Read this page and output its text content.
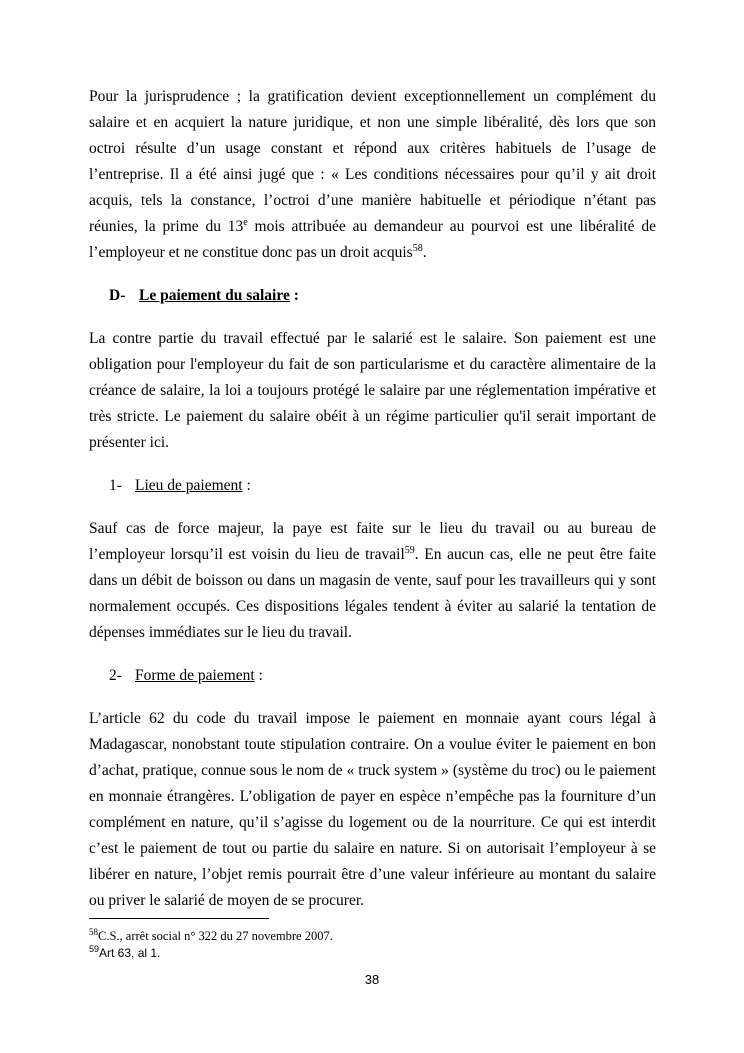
Pour la jurisprudence ; la gratification devient exceptionnellement un complément du salaire et en acquiert la nature juridique, et non une simple libéralité, dès lors que son octroi résulte d’un usage constant et répond aux critères habituels de l’usage de l’entreprise. Il a été ainsi jugé que : « Les conditions nécessaires pour qu’il y ait droit acquis, tels la constance, l’octroi d’une manière habituelle et périodique n’étant pas réunies, la prime du 13e mois attribuée au demandeur au pourvoi est une libéralité de l’employeur et ne constitue donc pas un droit acquis$^{58}$.

D- Le paiement du salaire :

La contre partie du travail effectué par le salarié est le salaire. Son paiement est une obligation pour l'employeur du fait de son particularisme et du caractère alimentaire de la créance de salaire, la loi a toujours protégé le salaire par une réglementation impérative et très stricte. Le paiement du salaire obéit à un régime particulier qu'il serait important de présenter ici.

1- Lieu de paiement :

Sauf cas de force majeur, la paye est faite sur le lieu du travail ou au bureau de l’employeur lorsqu’il est voisin du lieu de travail$^{59}$. En aucun cas, elle ne peut être faite dans un débit de boisson ou dans un magasin de vente, sauf pour les travailleurs qui y sont normalement occupés. Ces dispositions légales tendent à éviter au salarié la tentation de dépenses immédiates sur le lieu du travail.

2- Forme de paiement :

L’article 62 du code du travail impose le paiement en monnaie ayant cours légal à Madagascar, nonobstant toute stipulation contraire. On a voulue éviter le paiement en bon d’achat, pratique, connue sous le nom de « truck system » (système du troc) ou le paiement en monnaie étrangères. L’obligation de payer en espèce n’empêche pas la fourniture d’un complément en nature, qu’il s’agisse du logement ou de la nourriture. Ce qui est interdit c’est le paiement de tout ou partie du salaire en nature. Si on autorisait l’employeur à se libérer en nature, l’objet remis pourrait être d’une valeur inférieure au montant du salaire ou priver le salarié de moyen de se procurer.

$^{58}$C.S., arrêt social n° 322 du 27 novembre 2007.
$^{59}$Art 63, al 1.
38
